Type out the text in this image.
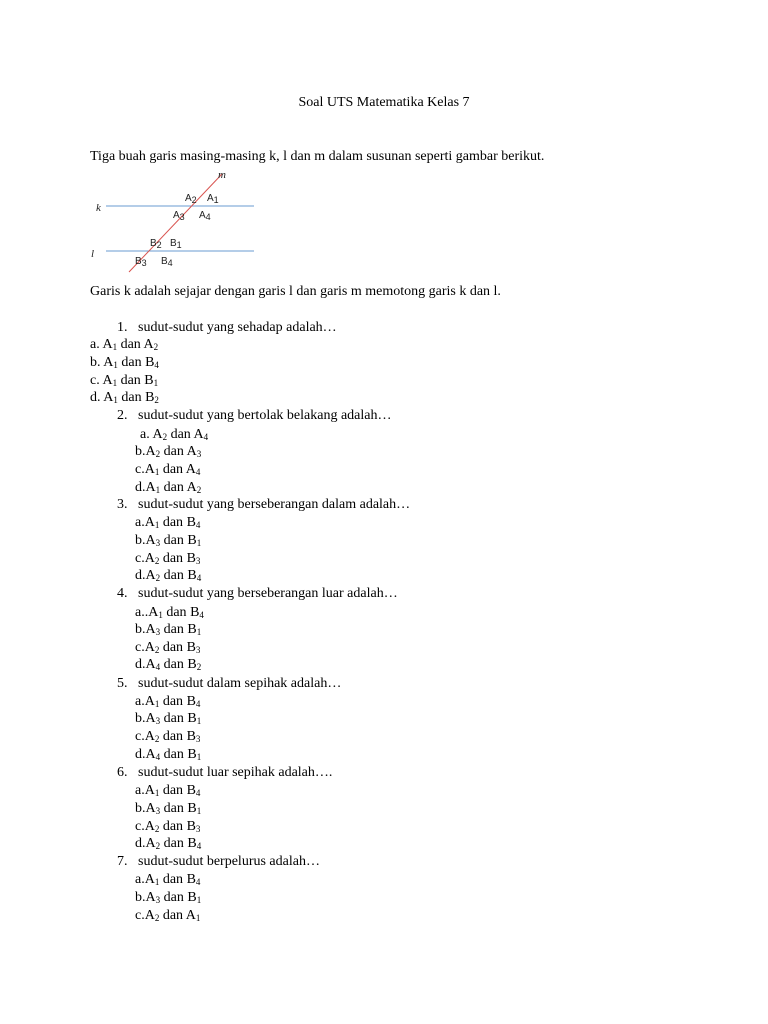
Soal UTS Matematika Kelas 7
Tiga buah garis masing-masing k, l dan m dalam susunan seperti gambar berikut.
m
k
l
$A_2$ $A_1$
$A_3$ $A_4$
$B_2$ $B_1$
$B_3$ $B_4$
Garis k adalah sejajar dengan garis l dan garis m memotong garis k dan l.
1. sudut-sudut yang sehadap adalah…
a. $A_1$ dan $A_2$
b. $A_1$ dan $B_4$
c. $A_1$ dan $B_1$
d. $A_1$ dan $B_2$
2. sudut-sudut yang bertolak belakang adalah…
a. $A_2$ dan $A_4$
$b.A_2$ dan $A_3$
$c.A_1$ dan $A_4$
$d.A_1$ dan $A_2$
3. sudut-sudut yang berseberangan dalam adalah…
$a.A_1$ dan $B_4$
$b.A_3$ dan $B_1$
$c.A_2$ dan $B_3$
$d.A_2$ dan $B_4$
4. sudut-sudut yang berseberangan luar adalah…
$a..A_1$ dan $B_4$
$b.A_3$ dan $B_1$
$c.A_2$ dan $B_3$
$d.A_4$ dan $B_2$
5. sudut-sudut dalam sepihak adalah…
$a.A_1$ dan $B_4$
$b.A_3$ dan $B_1$
$c.A_2$ dan $B_3$
$d.A_4$ dan $B_1$
6. sudut-sudut luar sepihak adalah….
$a.A_1$ dan $B_4$
$b.A_3$ dan $B_1$
$c.A_2$ dan $B_3$
$d.A_2$ dan $B_4$
7. sudut-sudut berpelurus adalah…
$a.A_1$ dan $B_4$
$b.A_3$ dan $B_1$
$c.A_2$ dan $A_1$
